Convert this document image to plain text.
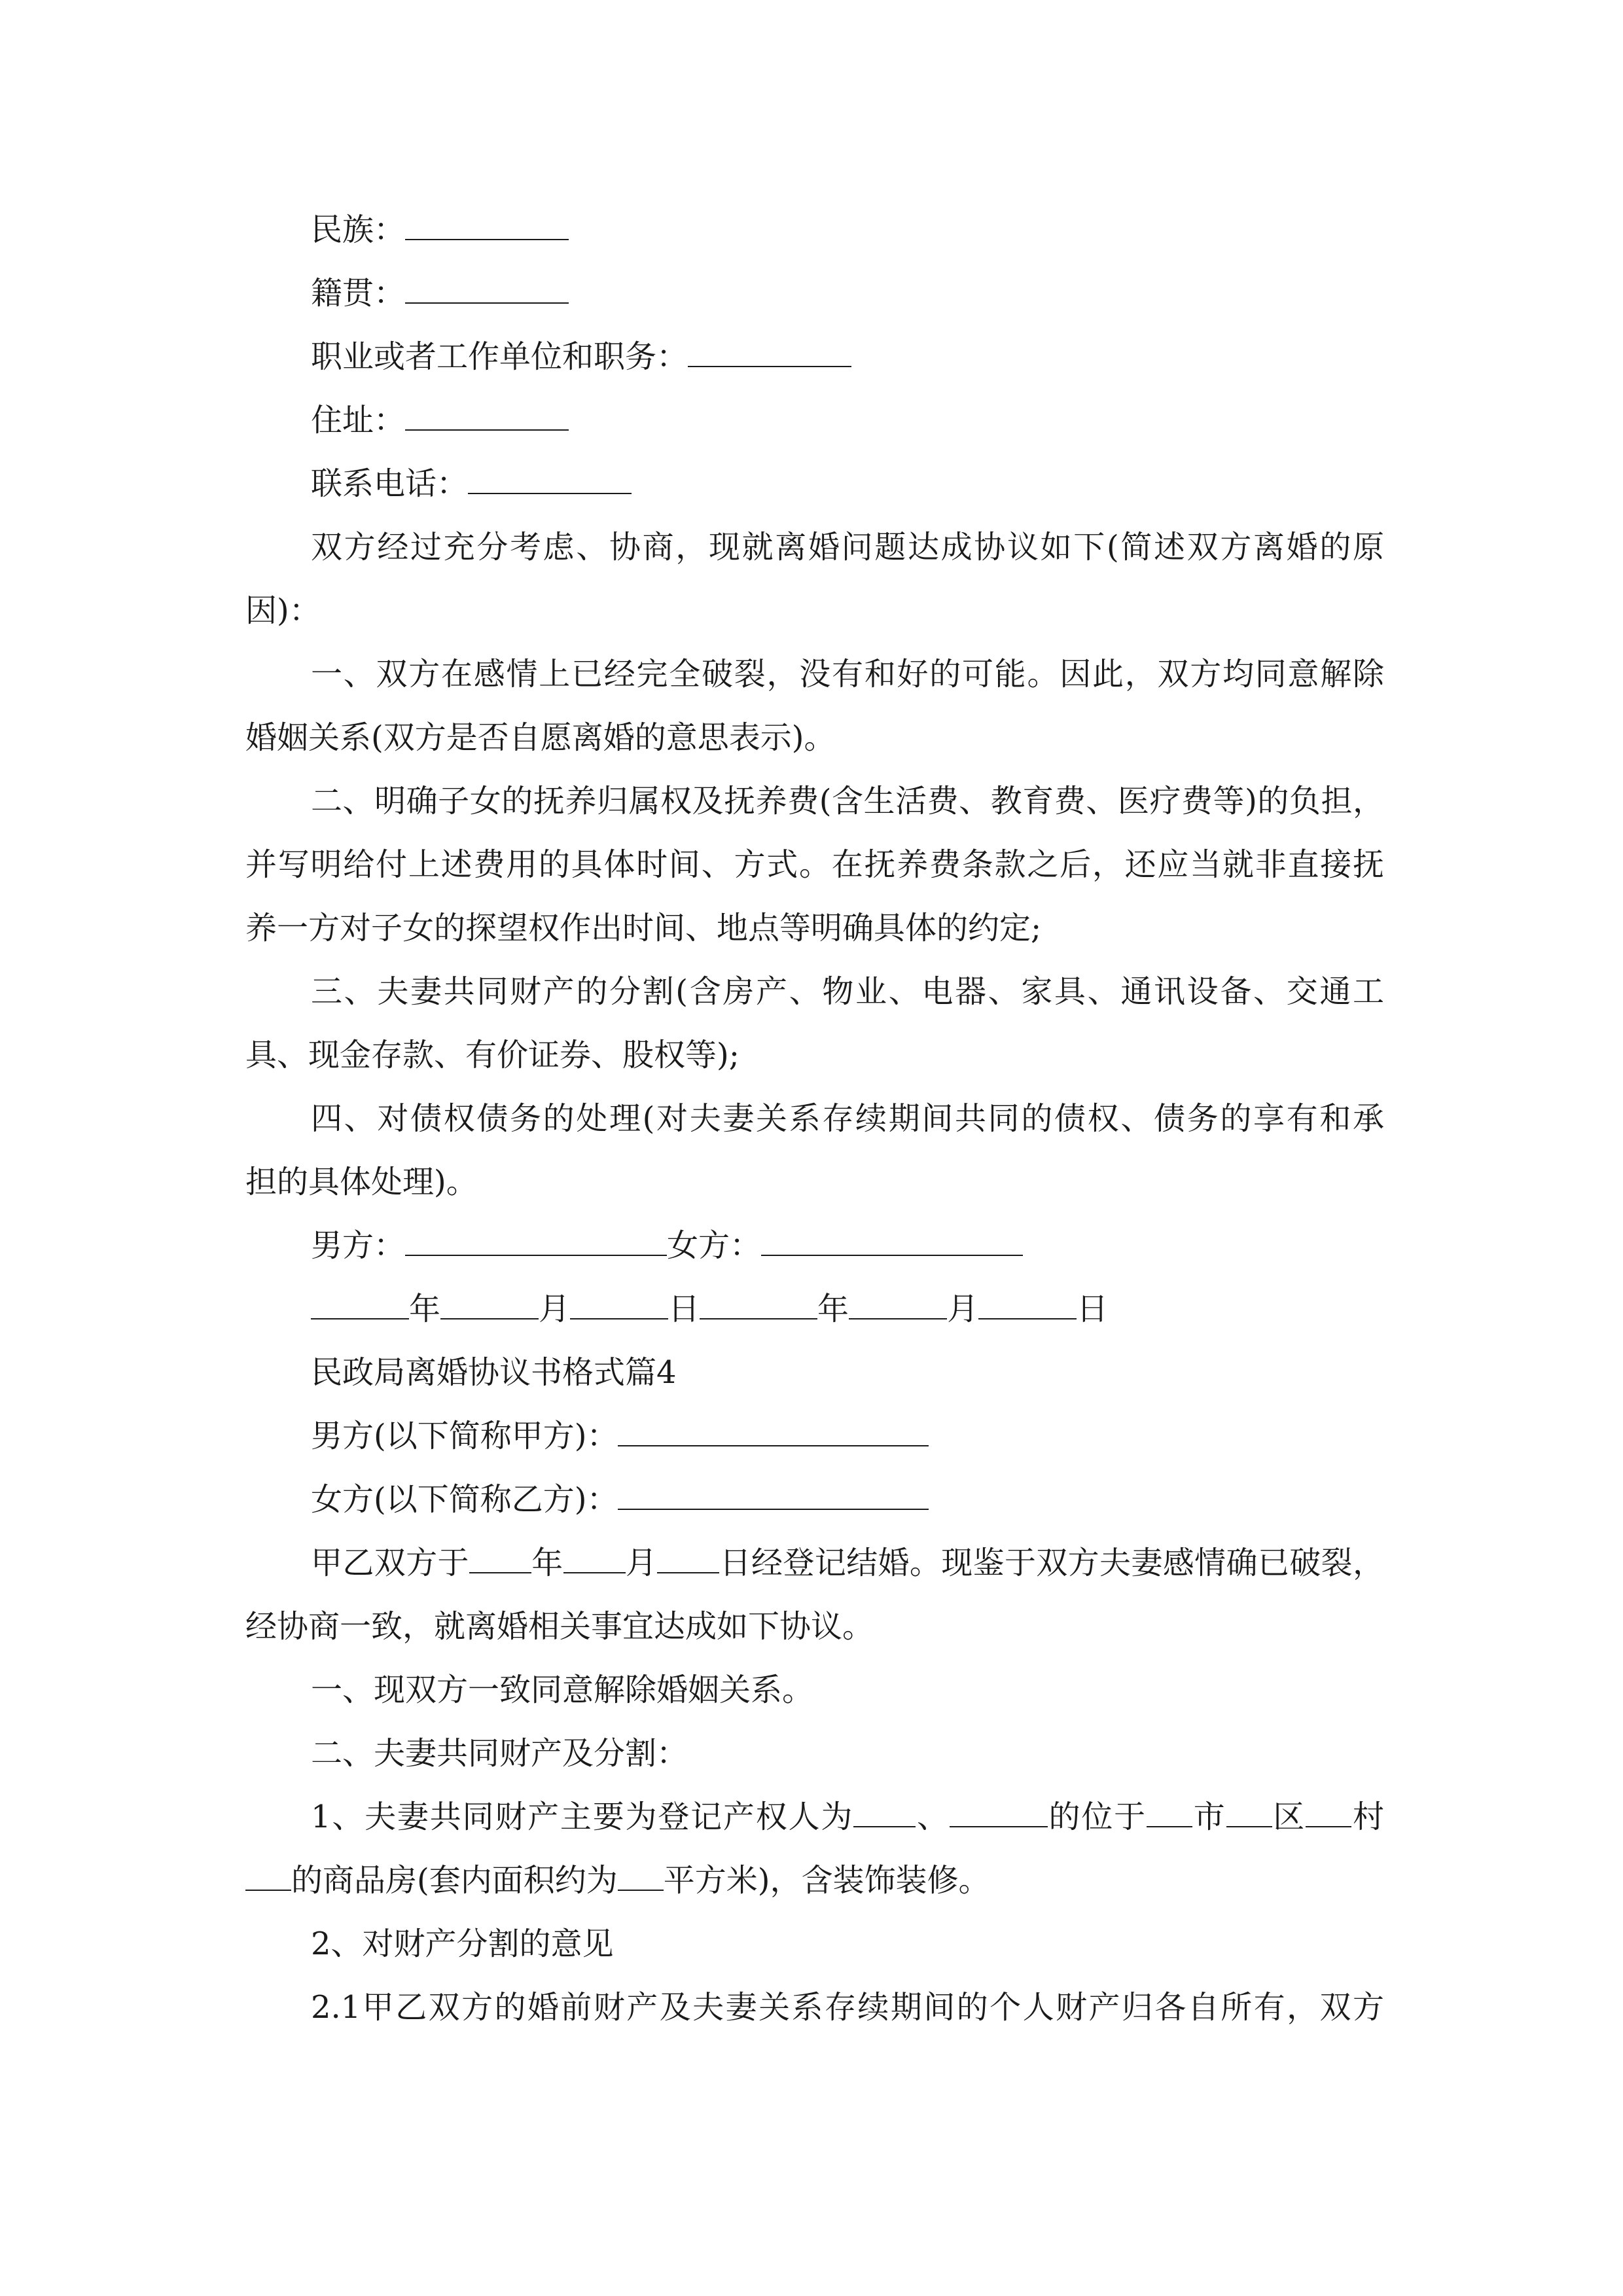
民族：
籍贯：
职业或者工作单位和职务：
住址：
联系电话：
双方经过充分考虑、协商，现就离婚问题达成协议如下(简述双方离婚的原
因)：
一、双方在感情上已经完全破裂，没有和好的可能。因此，双方均同意解除
婚姻关系(双方是否自愿离婚的意思表示)。
二、明确子女的抚养归属权及抚养费(含生活费、教育费、医疗费等)的负担，
并写明给付上述费用的具体时间、方式。在抚养费条款之后，还应当就非直接抚
养一方对子女的探望权作出时间、地点等明确具体的约定;
三、夫妻共同财产的分割(含房产、物业、电器、家具、通讯设备、交通工
具、现金存款、有价证券、股权等);
四、对债权债务的处理(对夫妻关系存续期间共同的债权、债务的享有和承
担的具体处理)。
男方：	女方：
年	月	日	年	月	日
民政局离婚协议书格式篇4
男方(以下简称甲方)：
女方(以下简称乙方)：
甲乙双方于 年 月 日经登记结婚。现鉴于双方夫妻感情确已破裂，
经协商一致，就离婚相关事宜达成如下协议。
一、现双方一致同意解除婚姻关系。
二、夫妻共同财产及分割：
1、夫妻共同财产主要为登记产权人为 、	的位于 市 区 村
的商品房(套内面积约为 平方米)，含装饰装修。
2、对财产分割的意见
2.1甲乙双方的婚前财产及夫妻关系存续期间的个人财产归各自所有，双方
